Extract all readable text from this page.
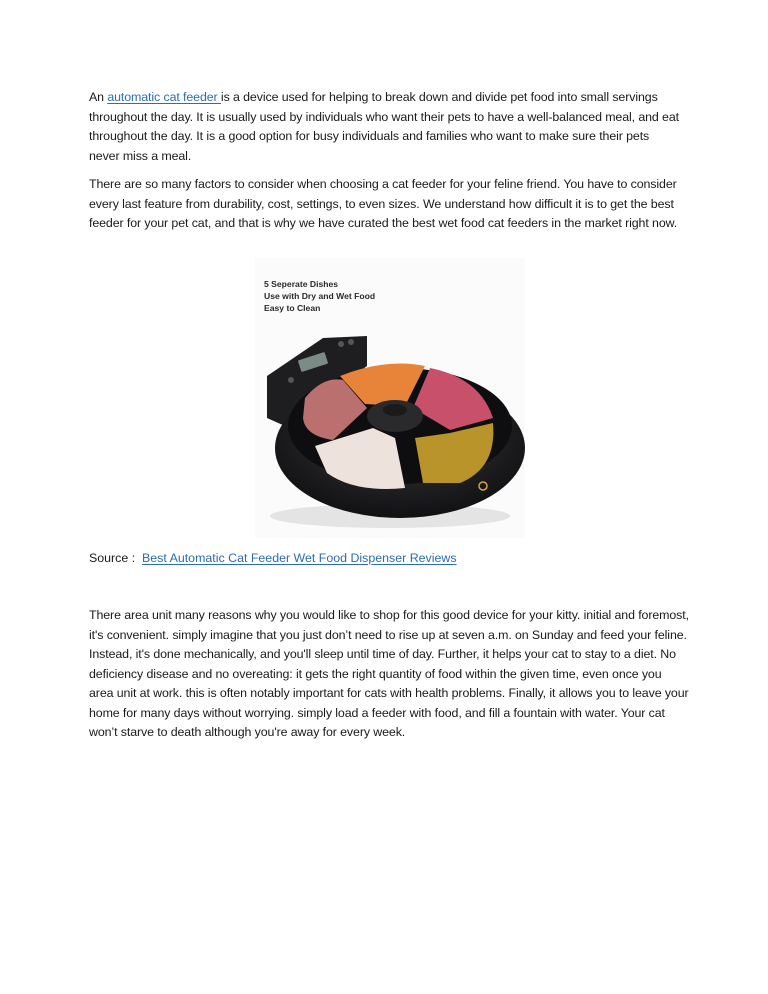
An automatic cat feeder is a device used for helping to break down and divide pet food into small servings throughout the day. It is usually used by individuals who want their pets to have a well-balanced meal, and eat throughout the day. It is a good option for busy individuals and families who want to make sure their pets never miss a meal.

There are so many factors to consider when choosing a cat feeder for your feline friend. You have to consider every last feature from durability, cost, settings, to even sizes. We understand how difficult it is to get the best feeder for your pet cat, and that is why we have curated the best wet food cat feeders in the market right now.

5 Seperate Dishes
Use with Dry and Wet Food
Easy to Clean
Source :  Best Automatic Cat Feeder Wet Food Dispenser Reviews

There area unit many reasons why you would like to shop for this good device for your kitty. initial and foremost, it's convenient. simply imagine that you just don’t need to rise up at seven a.m. on Sunday and feed your feline. Instead, it's done mechanically, and you'll sleep until time of day. Further, it helps your cat to stay to a diet. No deficiency disease and no overeating: it gets the right quantity of food within the given time, even once you area unit at work. this is often notably important for cats with health problems. Finally, it allows you to leave your home for many days without worrying. simply load a feeder with food, and fill a fountain with water. Your cat won’t starve to death although you're away for every week.
